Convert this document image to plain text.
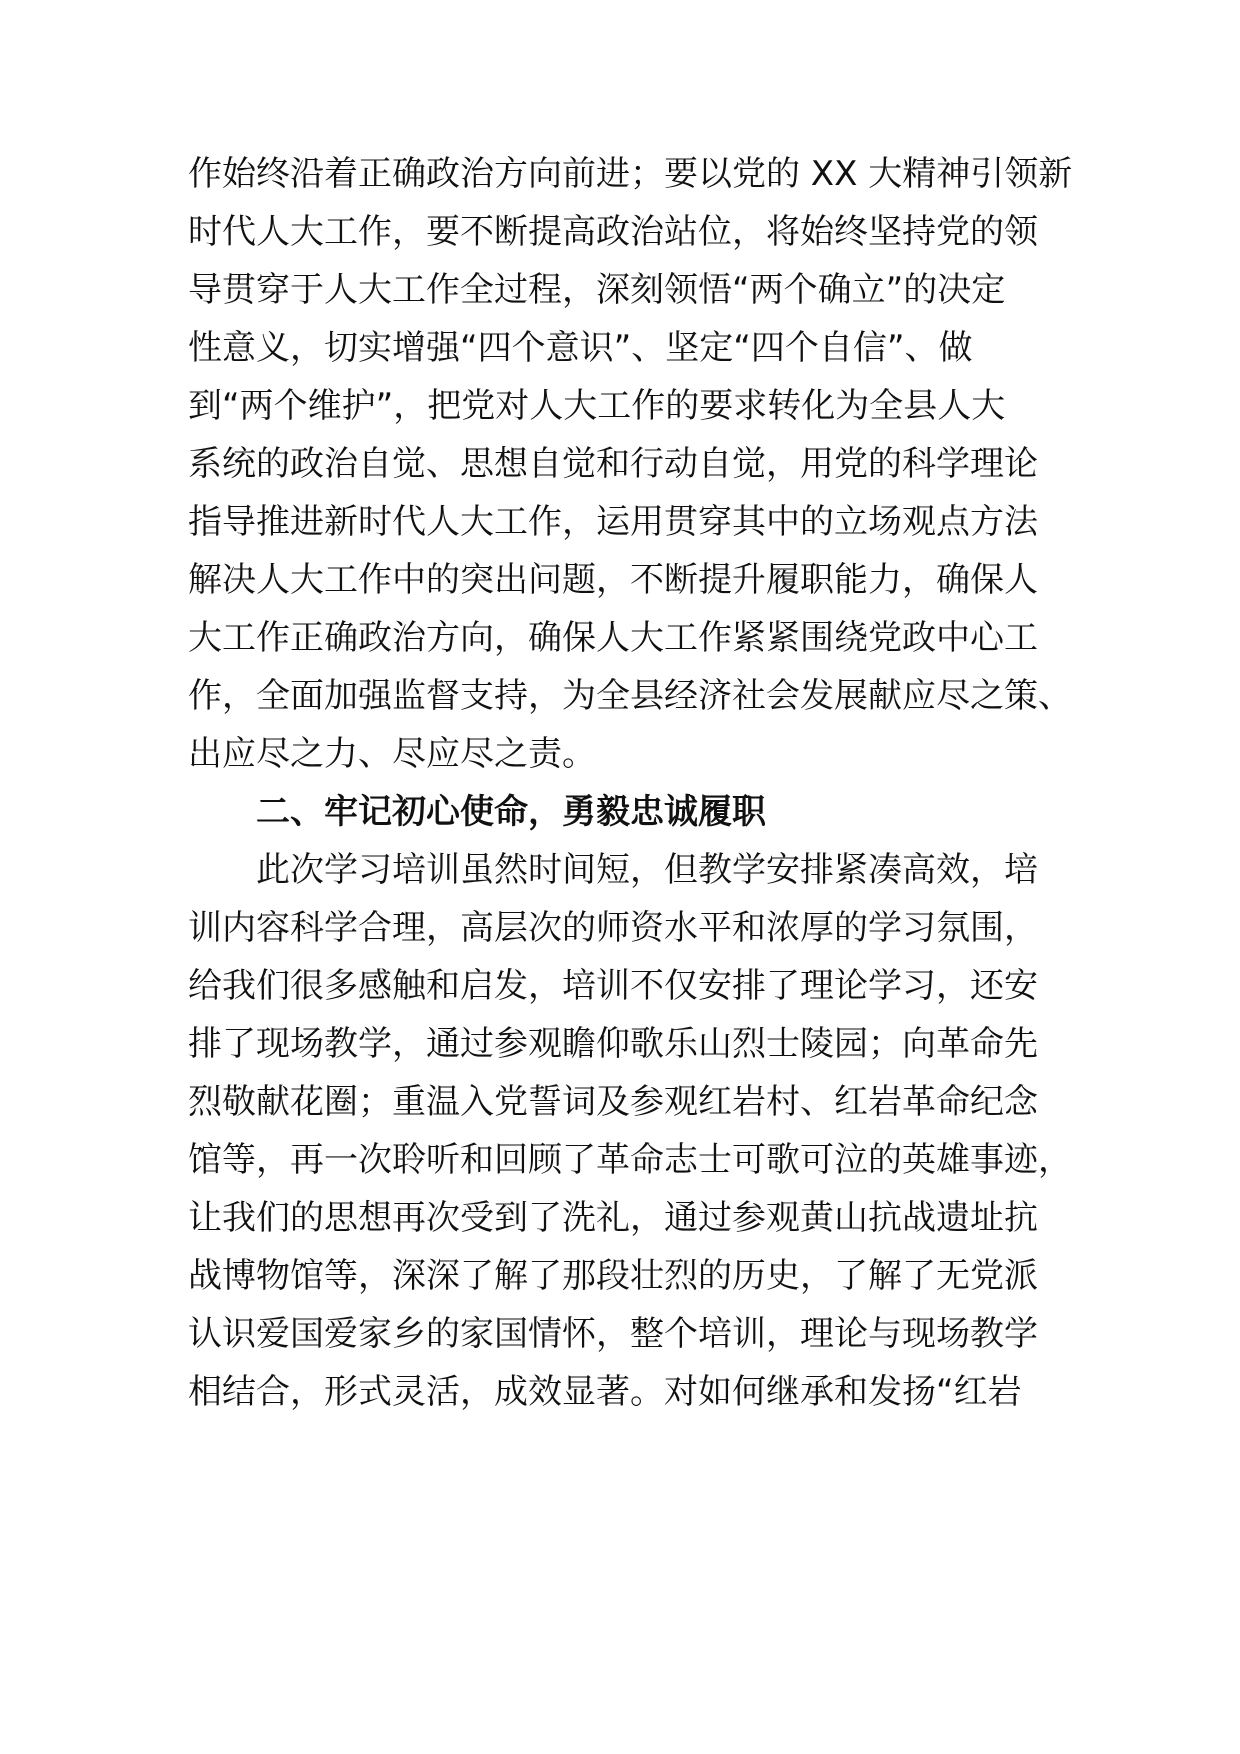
作始终沿着正确政治方向前进；要以党的 XX 大精神引领新
时代人大工作，要不断提高政治站位，将始终坚持党的领
导贯穿于人大工作全过程，深刻领悟“两个确立”的决定
性意义，切实增强“四个意识”、坚定“四个自信”、做
到“两个维护”，把党对人大工作的要求转化为全县人大
系统的政治自觉、思想自觉和行动自觉，用党的科学理论
指导推进新时代人大工作，运用贯穿其中的立场观点方法
解决人大工作中的突出问题，不断提升履职能力，确保人
大工作正确政治方向，确保人大工作紧紧围绕党政中心工
作，全面加强监督支持，为全县经济社会发展献应尽之策、
出应尽之力、尽应尽之责。
二、牢记初心使命，勇毅忠诚履职
此次学习培训虽然时间短，但教学安排紧凑高效，培
训内容科学合理，高层次的师资水平和浓厚的学习氛围，
给我们很多感触和启发，培训不仅安排了理论学习，还安
排了现场教学，通过参观瞻仰歌乐山烈士陵园；向革命先
烈敬献花圈；重温入党誓词及参观红岩村、红岩革命纪念
馆等，再一次聆听和回顾了革命志士可歌可泣的英雄事迹，
让我们的思想再次受到了洗礼，通过参观黄山抗战遗址抗
战博物馆等，深深了解了那段壮烈的历史，了解了无党派
认识爱国爱家乡的家国情怀，整个培训，理论与现场教学
相结合，形式灵活，成效显著。对如何继承和发扬“红岩
